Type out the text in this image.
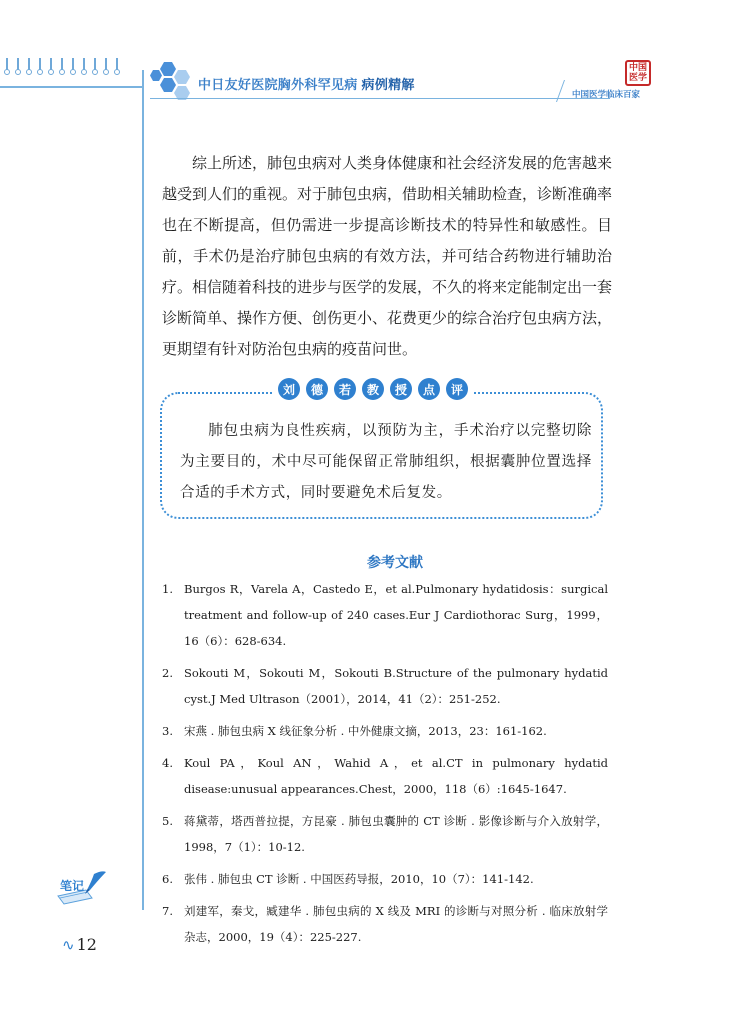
中日友好医院胸外科罕见病 病例精解
中国医学
中国医学临床百家
综上所述，肺包虫病对人类身体健康和社会经济发展的危害越来越受到人们的重视。对于肺包虫病，借助相关辅助检查，诊断准确率也在不断提高，但仍需进一步提高诊断技术的特异性和敏感性。目前，手术仍是治疗肺包虫病的有效方法，并可结合药物进行辅助治疗。相信随着科技的进步与医学的发展，不久的将来定能制定出一套诊断简单、操作方便、创伤更小、花费更少的综合治疗包虫病方法，更期望有针对防治包虫病的疫苗问世。
刘	德	若	教	授	点	评
肺包虫病为良性疾病，以预防为主，手术治疗以完整切除为主要目的，术中尽可能保留正常肺组织，根据囊肿位置选择合适的手术方式，同时要避免术后复发。
参考文献
1. Burgos R，Varela A，Castedo E，et al.Pulmonary hydatidosis：surgical treatment and follow-up of 240 cases.Eur J Cardiothorac Surg，1999，16（6）：628-634.
2. Sokouti M，Sokouti M，Sokouti B.Structure of the pulmonary hydatid cyst.J Med Ultrason（2001），2014，41（2）：251-252.
3. 宋燕 . 肺包虫病 X 线征象分析 . 中外健康文摘，2013，23：161-162.
4. Koul PA，Koul AN，Wahid A，et al.CT in pulmonary hydatid disease:unusual appearances.Chest，2000，118（6）:1645-1647.
5. 蒋黛蒂，塔西普拉提，方昆豪 . 肺包虫囊肿的 CT 诊断 . 影像诊断与介入放射学，1998，7（1）：10-12.
6. 张伟 . 肺包虫 CT 诊断 . 中国医药导报，2010，10（7）：141-142.
7. 刘建军，秦戈，臧建华 . 肺包虫病的 X 线及 MRI 的诊断与对照分析 . 临床放射学杂志，2000，19（4）：225-227.
笔记
∿ 12
